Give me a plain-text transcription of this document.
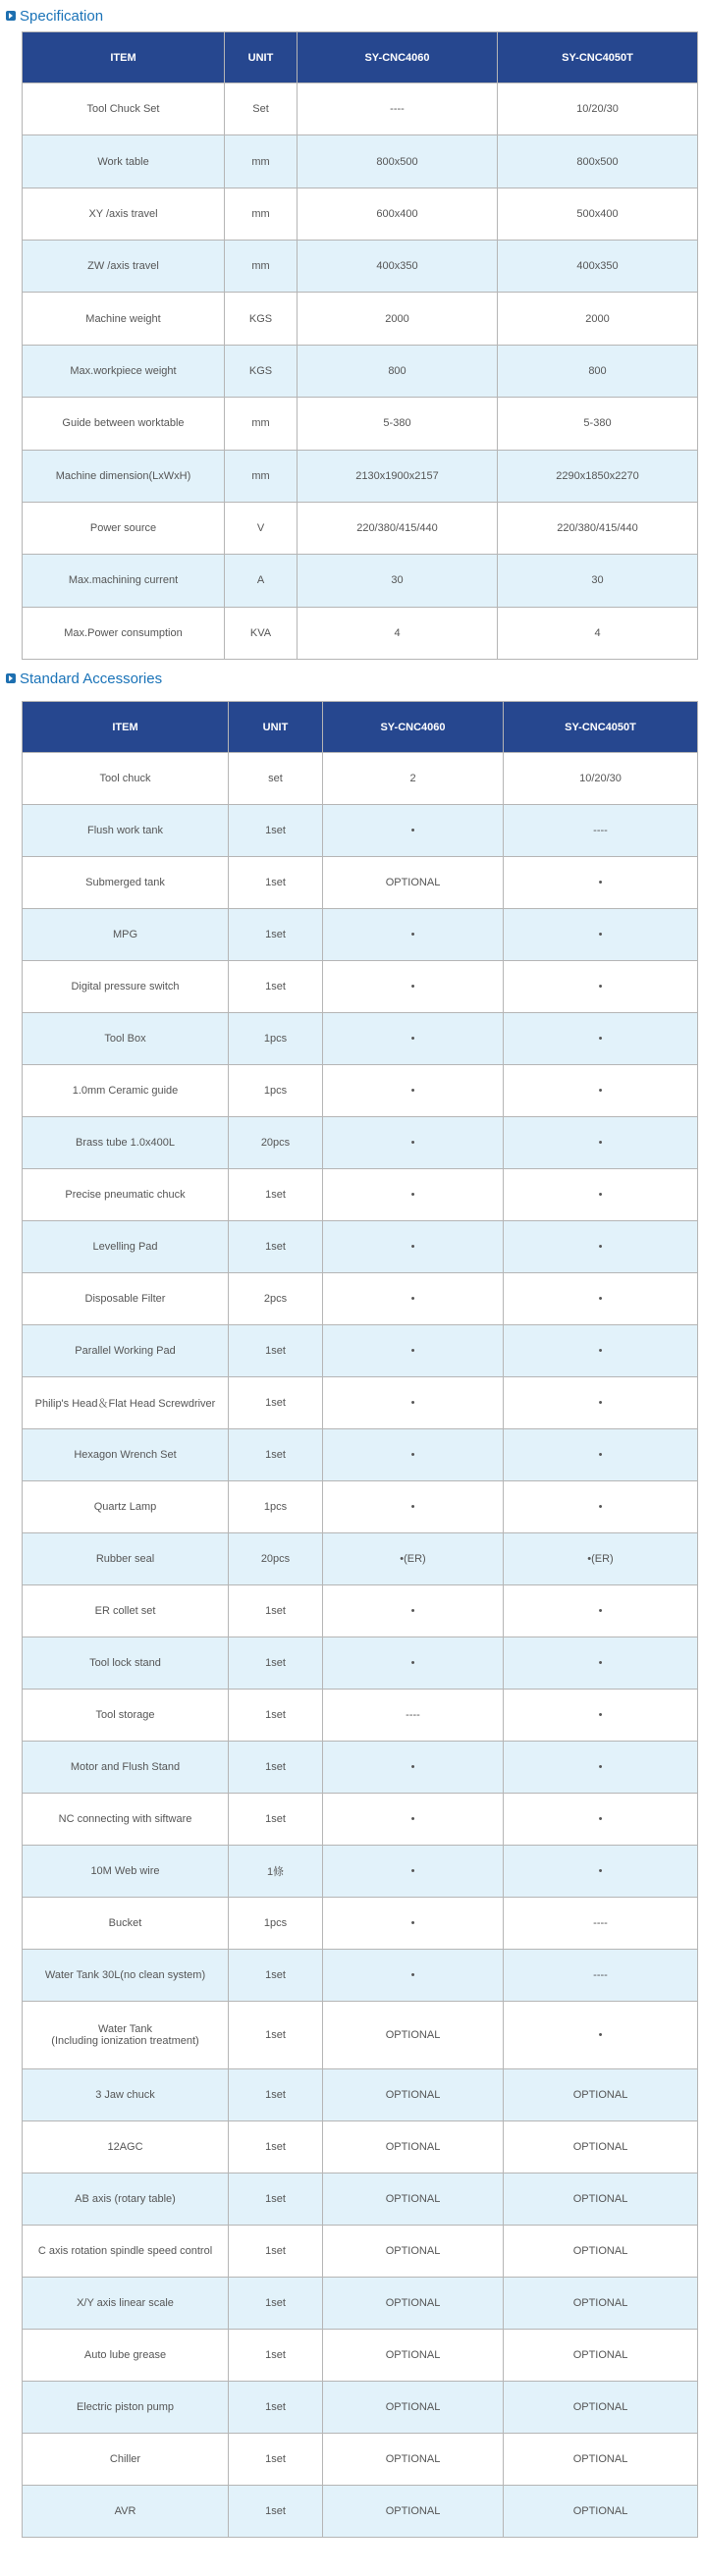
Specification
ITEM	UNIT	SY-CNC4060	SY-CNC4050T
Tool Chuck Set	Set	----	10/20/30
Work table	mm	800x500	800x500
XY /axis travel	mm	600x400	500x400
ZW /axis travel	mm	400x350	400x350
Machine weight	KGS	2000	2000
Max.workpiece weight	KGS	800	800
Guide between worktable	mm	5-380	5-380
Machine dimension(LxWxH)	mm	2130x1900x2157	2290x1850x2270
Power source	V	220/380/415/440	220/380/415/440
Max.machining current	A	30	30
Max.Power consumption	KVA	4	4
Standard Accessories
ITEM	UNIT	SY-CNC4060	SY-CNC4050T
Tool chuck	set	2	10/20/30
Flush work tank	1set	•	----
Submerged tank	1set	OPTIONAL	•
MPG	1set	•	•
Digital pressure switch	1set	•	•
Tool Box	1pcs	•	•
1.0mm Ceramic guide	1pcs	•	•
Brass tube 1.0x400L	20pcs	•	•
Precise pneumatic chuck	1set	•	•
Levelling Pad	1set	•	•
Disposable Filter	2pcs	•	•
Parallel Working Pad	1set	•	•
Philip's Head＆Flat Head Screwdriver	1set	•	•
Hexagon Wrench Set	1set	•	•
Quartz Lamp	1pcs	•	•
Rubber seal	20pcs	•(ER)	•(ER)
ER collet set	1set	•	•
Tool lock stand	1set	•	•
Tool storage	1set	----	•
Motor and Flush Stand	1set	•	•
NC connecting with siftware	1set	•	•
10M Web wire	1條	•	•
Bucket	1pcs	•	----
Water Tank 30L(no clean system)	1set	•	----
Water Tank
(Including ionization treatment)	1set	OPTIONAL	•
3 Jaw chuck	1set	OPTIONAL	OPTIONAL
12AGC	1set	OPTIONAL	OPTIONAL
AB axis (rotary table)	1set	OPTIONAL	OPTIONAL
C axis rotation spindle speed control	1set	OPTIONAL	OPTIONAL
X/Y axis linear scale	1set	OPTIONAL	OPTIONAL
Auto lube grease	1set	OPTIONAL	OPTIONAL
Electric piston pump	1set	OPTIONAL	OPTIONAL
Chiller	1set	OPTIONAL	OPTIONAL
AVR	1set	OPTIONAL	OPTIONAL
